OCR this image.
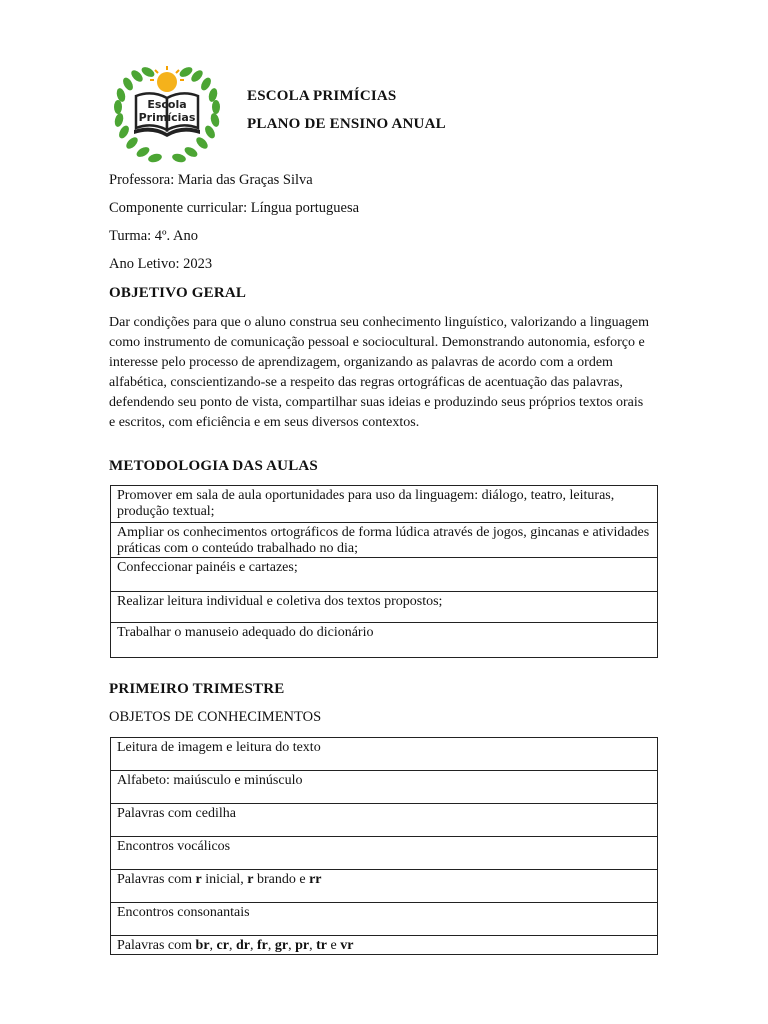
Escola
Primícias
ESCOLA PRIMÍCIAS
PLANO DE ENSINO ANUAL
Professora: Maria das Graças Silva
Componente curricular: Língua portuguesa
Turma: 4º. Ano
Ano Letivo: 2023
OBJETIVO GERAL
Dar condições para que o aluno construa seu conhecimento linguístico, valorizando a linguagem como instrumento de comunicação pessoal e sociocultural. Demonstrando autonomia, esforço e interesse pelo processo de aprendizagem, organizando as palavras de acordo com a ordem alfabética, conscientizando-se a respeito das regras ortográficas de acentuação das palavras, defendendo seu ponto de vista, compartilhar suas ideias e produzindo seus próprios textos orais e escritos, com eficiência e em seus diversos contextos.
METODOLOGIA DAS AULAS
Promover em sala de aula oportunidades para uso da linguagem: diálogo, teatro, leituras, produção textual;
Ampliar os conhecimentos ortográficos de forma lúdica através de jogos, gincanas e atividades práticas com o conteúdo trabalhado no dia;
Confeccionar painéis e cartazes;
Realizar leitura individual e coletiva dos textos propostos;
Trabalhar o manuseio adequado do dicionário
PRIMEIRO TRIMESTRE
OBJETOS DE CONHECIMENTOS
Leitura de imagem e leitura do texto
Alfabeto: maiúsculo e minúsculo
Palavras com cedilha
Encontros vocálicos
Palavras com r inicial, r brando e rr
Encontros consonantais
Palavras com br, cr, dr, fr, gr, pr, tr e vr
